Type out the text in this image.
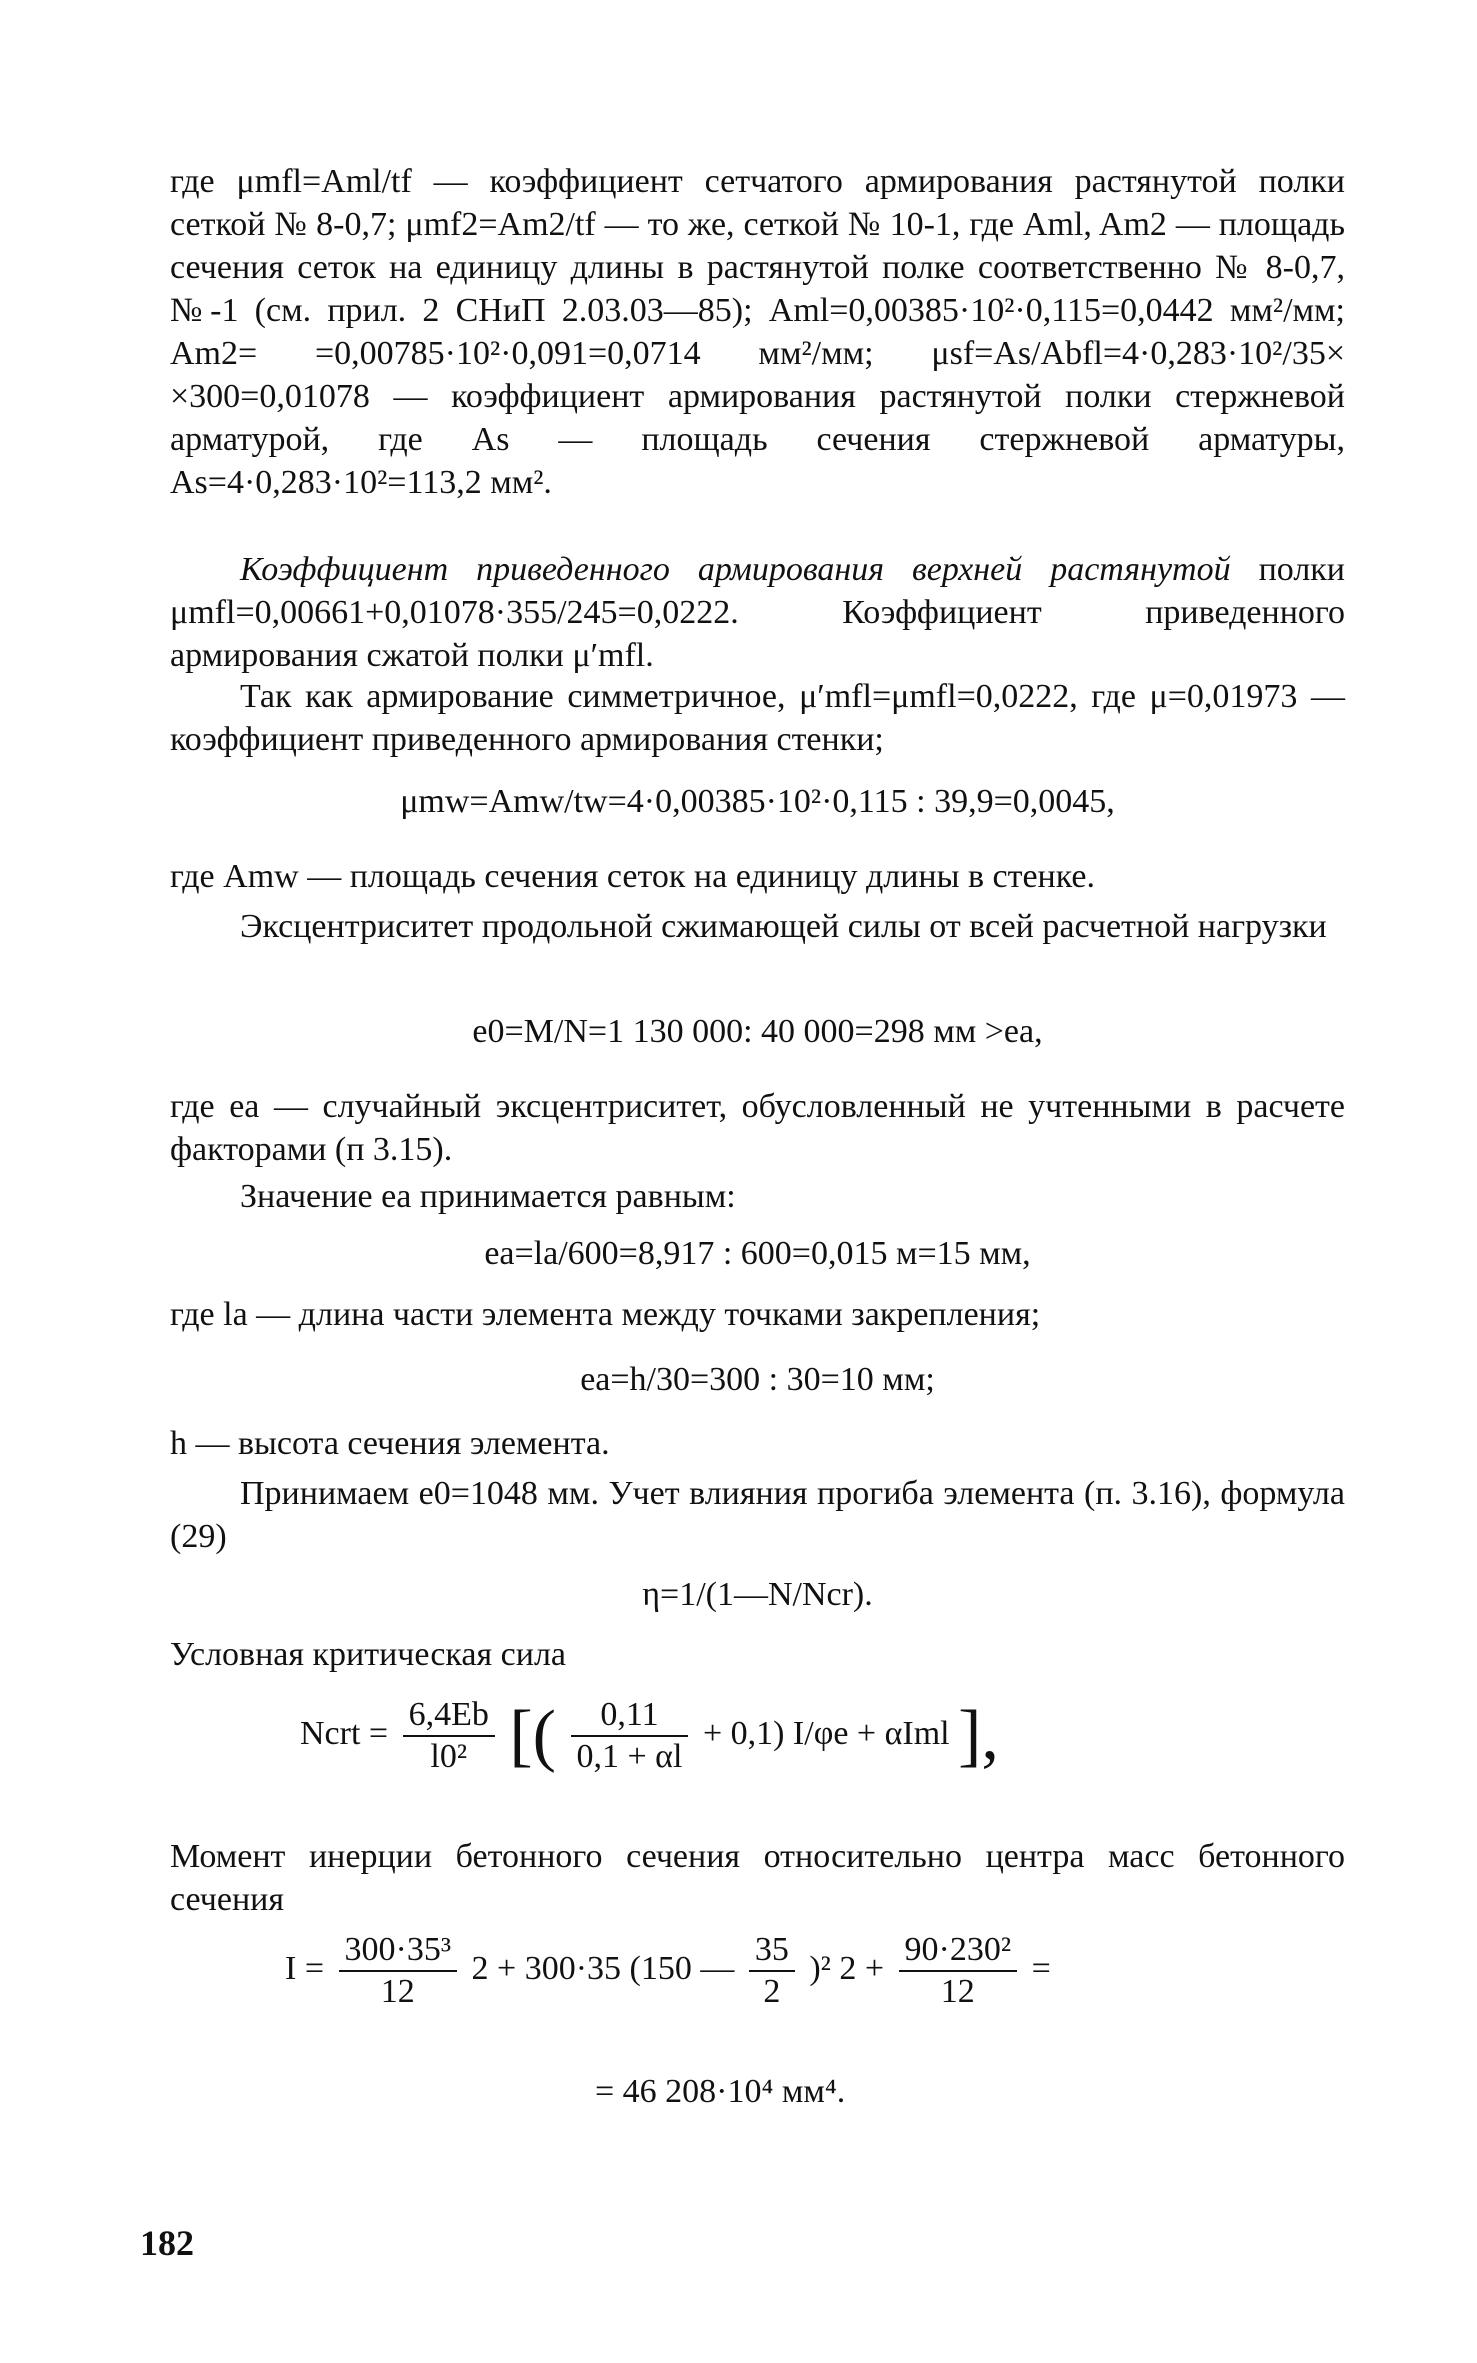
где μmfl=Aml/tf — коэффициент сетчатого армирования растянутой полки сеткой № 8-0,7; μmf2=Am2/tf — то же, сеткой № 10-1, где Aml, Am2 — площадь сечения сеток на единицу длины в растянутой полке соответственно № 8-0,7, №-1 (см. прил. 2 СНиП 2.03.03—85); Aml=0,00385·10²·0,115=0,0442 мм²/мм; Am2= =0,00785·10²·0,091=0,0714 мм²/мм; μsf=As/Abfl=4·0,283·10²/35× ×300=0,01078 — коэффициент армирования растянутой полки стержневой арматурой, где As — площадь сечения стержневой арматуры, As=4·0,283·10²=113,2 мм².

Коэффициент приведенного армирования верхней растянутой полки μmfl=0,00661+0,01078·355/245=0,0222. Коэффициент приведенного армирования сжатой полки μ′mfl.

Так как армирование симметричное, μ′mfl=μmfl=0,0222, где μ=0,01973 — коэффициент приведенного армирования стенки;

μmw=Amw/tw=4·0,00385·10²·0,115 : 39,9=0,0045,

где Amw — площадь сечения сеток на единицу длины в стенке.

Эксцентриситет продольной сжимающей силы от всей расчетной нагрузки

e0=M/N=1 130 000: 40 000=298 мм >ea,

где ea — случайный эксцентриситет, обусловленный не учтенными в расчете факторами (п 3.15).

Значение ea принимается равным:

ea=la/600=8,917 : 600=0,015 м=15 мм,

где la — длина части элемента между точками закрепления;

ea=h/30=300 : 30=10 мм;

h — высота сечения элемента.

Принимаем e0=1048 мм. Учет влияния прогиба элемента (п. 3.16), формула (29)

η=1/(1—N/Ncr).

Условная критическая сила

Ncrt = $\frac{6,4Eb}{\text{l0²}}$ [( $\frac{0,11}{0,1 + \alpha l} + 0,1$) I/φe + αIml ],

Момент инерции бетонного сечения относительно центра масс бетонного сечения

$I = \frac{\text{300·35³}}{12} 2 + 300\cdot 35$ (150 — $\frac{35}{2} )^2$ $2 + \frac{\text{90·230²}}{12}$ =

= 46 208·10⁴ мм⁴.

182
